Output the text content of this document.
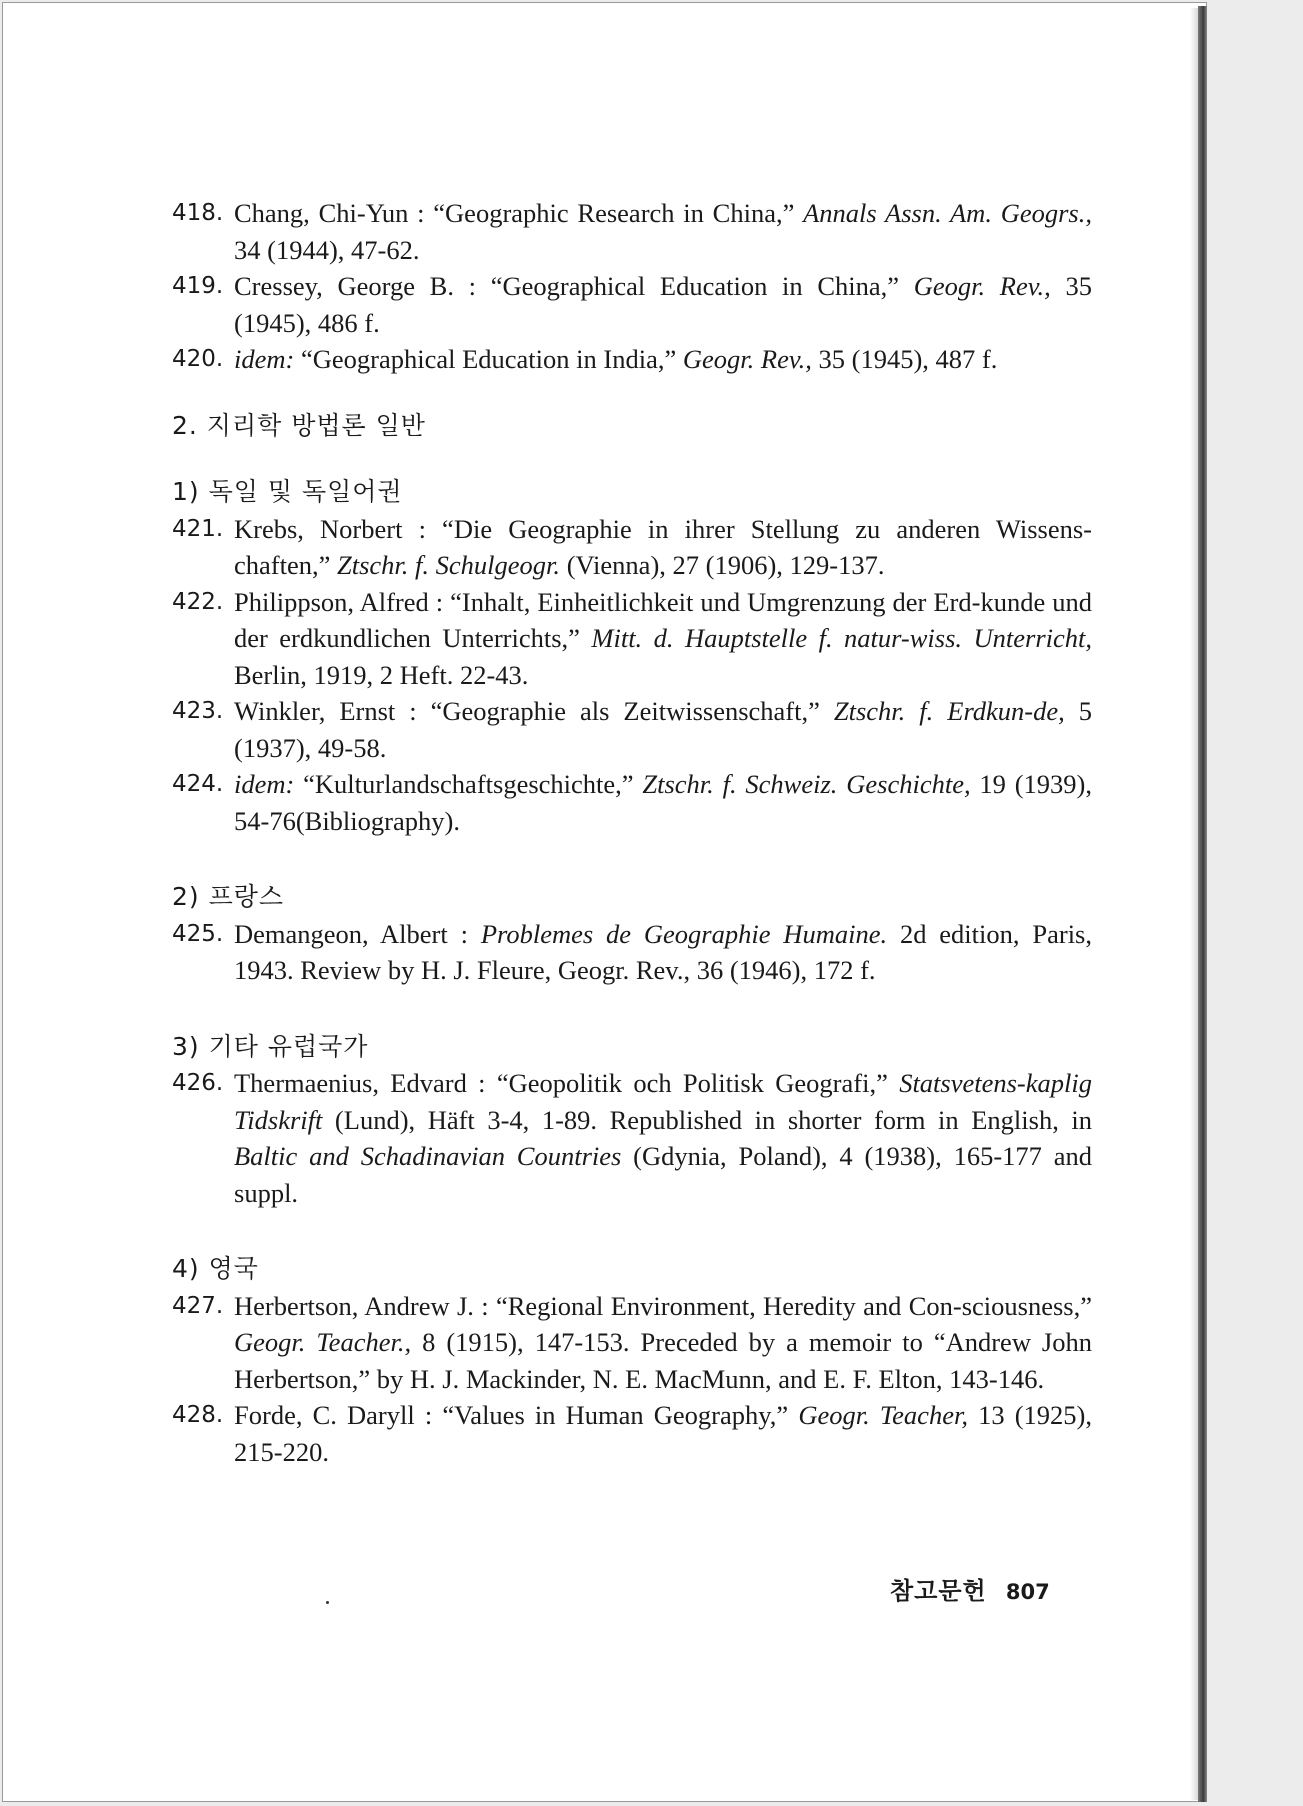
418. Chang, Chi-Yun : “Geographic Research in China,” Annals Assn. Am. Geogrs., 34 (1944), 47-62.
419. Cressey, George B. : “Geographical Education in China,” Geogr. Rev., 35 (1945), 486 f.
420. idem: “Geographical Education in India,” Geogr. Rev., 35 (1945), 487 f.
2. 지리학 방법론 일반
1) 독일 및 독일어권
421. Krebs, Norbert : “Die Geographie in ihrer Stellung zu anderen Wissens-chaften,” Ztschr. f. Schulgeogr. (Vienna), 27 (1906), 129-137.
422. Philippson, Alfred : “Inhalt, Einheitlichkeit und Umgrenzung der Erd-kunde und der erdkundlichen Unterrichts,” Mitt. d. Hauptstelle f. natur-wiss. Unterricht, Berlin, 1919, 2 Heft. 22-43.
423. Winkler, Ernst : “Geographie als Zeitwissenschaft,” Ztschr. f. Erdkun-de, 5 (1937), 49-58.
424. idem: “Kulturlandschaftsgeschichte,” Ztschr. f. Schweiz. Geschichte, 19 (1939), 54-76(Bibliography).
2) 프랑스
425. Demangeon, Albert : Problemes de Geographie Humaine. 2d edition, Paris, 1943. Review by H. J. Fleure, Geogr. Rev., 36 (1946), 172 f.
3) 기타 유럽국가
426. Thermaenius, Edvard : “Geopolitik och Politisk Geografi,” Statsvetens-kaplig Tidskrift (Lund), Häft 3-4, 1-89. Republished in shorter form in English, in Baltic and Schadinavian Countries (Gdynia, Poland), 4 (1938), 165-177 and suppl.
4) 영국
427. Herbertson, Andrew J. : “Regional Environment, Heredity and Con-sciousness,” Geogr. Teacher., 8 (1915), 147-153. Preceded by a memoir to “Andrew John Herbertson,” by H. J. Mackinder, N. E. MacMunn, and E. F. Elton, 143-146.
428. Forde, C. Daryll : “Values in Human Geography,” Geogr. Teacher, 13 (1925), 215-220.
참고문헌 807
